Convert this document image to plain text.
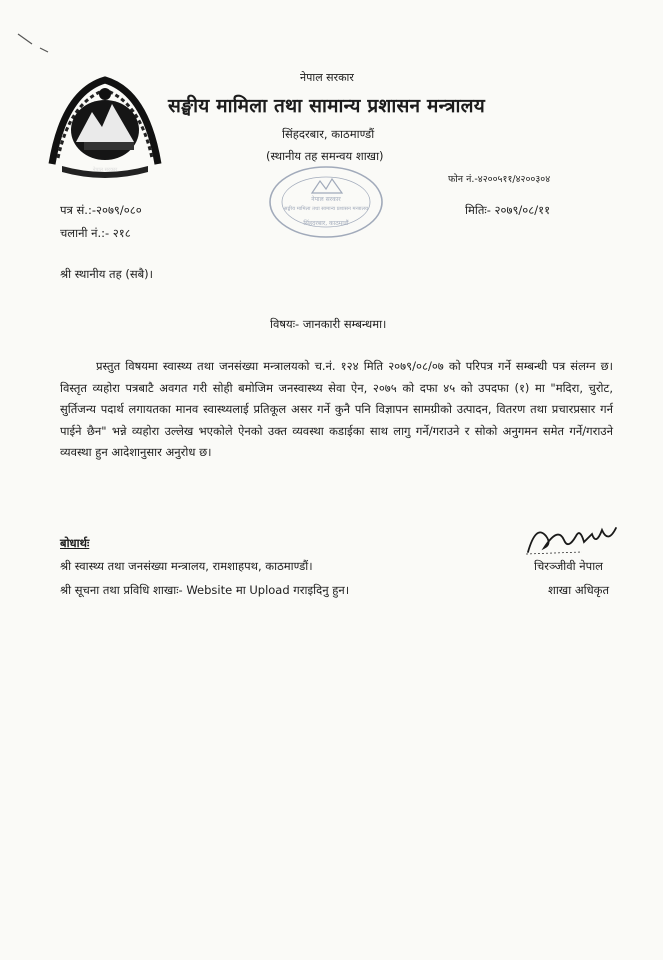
नेपाल सरकार
नेपाल सरकार
सङ्घीय मामिला तथा सामान्य प्रशासन मन्त्रालय
सिंहदरबार, काठमाण्डौं
(स्थानीय तह समन्वय शाखा)
फोन नं.-४२००५११/४२००३०४
नेपाल सरकार
सङ्घीय मामिला तथा सामान्य प्रशासन मन्त्रालय
सिंहदरबार, काठमाडौं
पत्र सं.:-२०७९/०८०
चलानी नं.:- २१८
मितिः- २०७९/०८/११
श्री स्थानीय तह (सबै)।
विषयः- जानकारी सम्बन्धमा।
प्रस्तुत विषयमा स्वास्थ्य तथा जनसंख्या मन्त्रालयको च.नं. १२४ मिति २०७९/०८/०७ को परिपत्र गर्ने सम्बन्धी पत्र संलग्न छ। विस्तृत व्यहोरा पत्रबाटै अवगत गरी सोही बमोजिम जनस्वास्थ्य सेवा ऐन, २०७५ को दफा ४५ को उपदफा (१) मा "मदिरा, चुरोट, सुर्तिजन्य पदार्थ लगायतका मानव स्वास्थ्यलाई प्रतिकूल असर गर्ने कुनै पनि विज्ञापन सामग्रीको उत्पादन, वितरण तथा प्रचारप्रसार गर्न पाईने छैन" भन्ने व्यहोरा उल्लेख भएकोले ऐनको उक्त व्यवस्था कडाईका साथ लागु गर्ने/गराउने र सोको अनुगमन समेत गर्ने/गराउने व्यवस्था हुन आदेशानुसार अनुरोध छ।
बोधार्थः
श्री स्वास्थ्य तथा जनसंख्या मन्त्रालय, रामशाहपथ, काठमाण्डौं।
श्री सूचना तथा प्रविधि शाखाः- Website मा Upload गराइदिनु हुन।
चिरञ्जीवी नेपाल
शाखा अधिकृत
